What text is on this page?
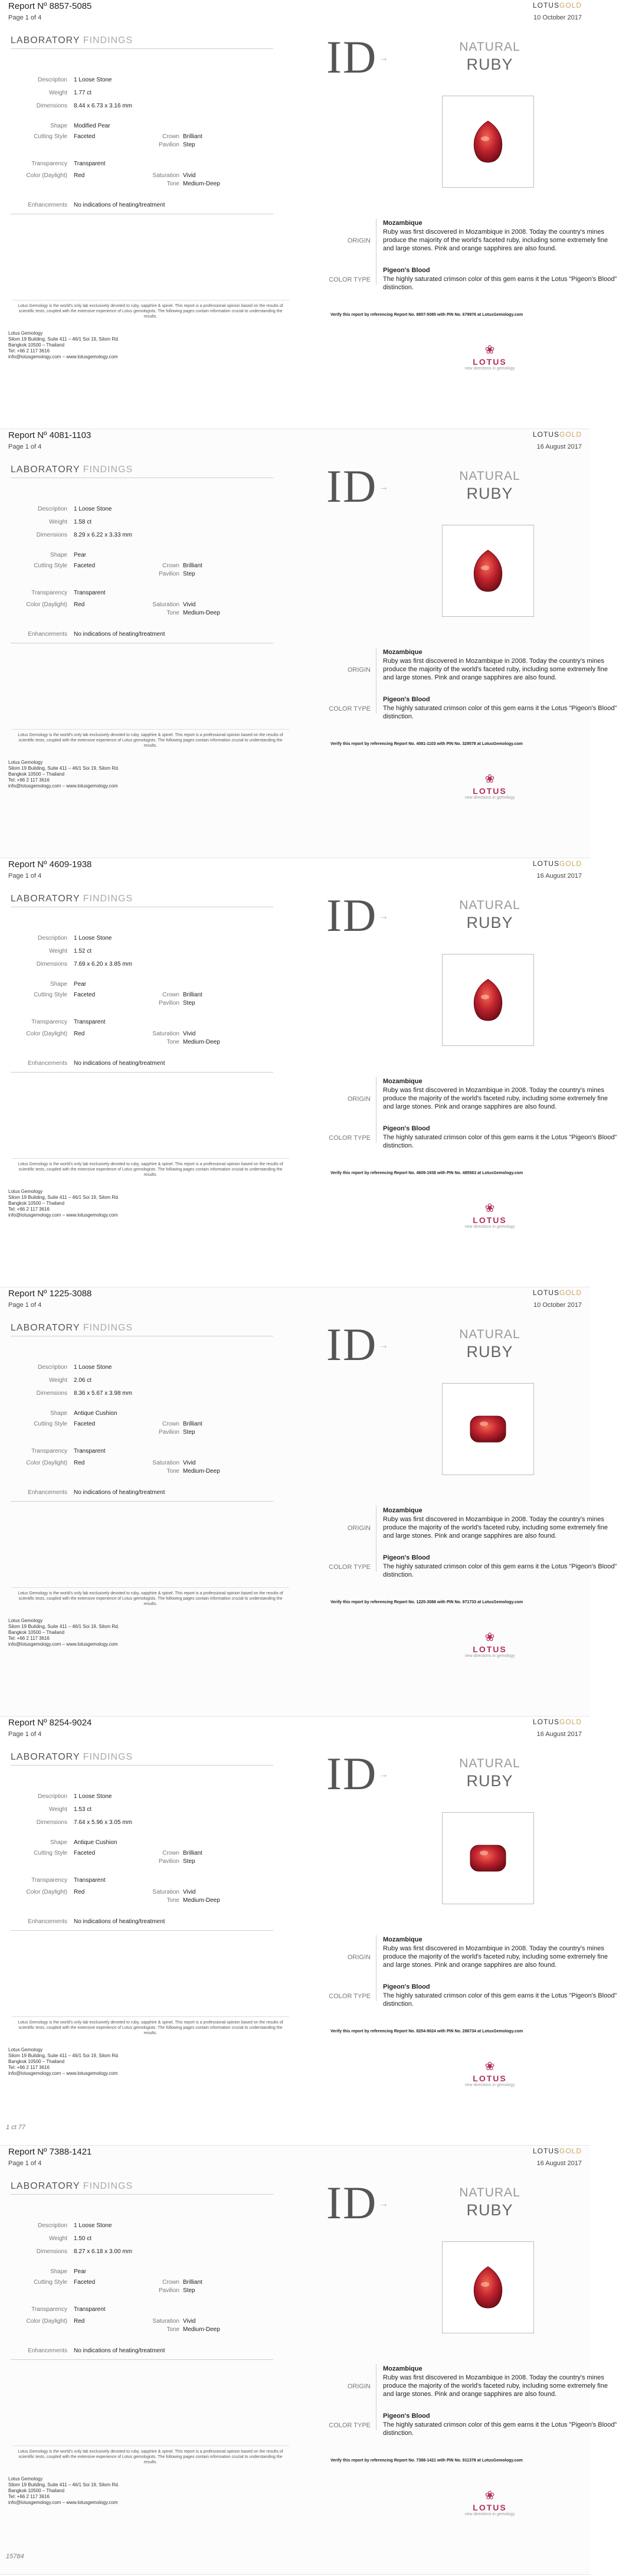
Report Nº 8857-5085	LOTUSGOLD
Page 1 of 4	10 October 2017
LABORATORY FINDINGS
Description 1 Loose Stone
Weight 1.77 ct
Dimensions 8.44 x 6.73 x 3.16 mm
Shape Modified Pear
Cutting Style Faceted	Crown Brilliant
Pavilion Step
Transparency Transparent
Color (Daylight) Red	Saturation Vivid
Tone Medium-Deep
Enhancements No indications of heating/treatment
ID →
NATURAL
RUBY
ORIGIN
Mozambique
Ruby was first discovered in Mozambique in 2008. Today the country's mines produce the majority of the world's faceted ruby, including some extremely fine and large stones. Pink and orange sapphires are also found.
COLOR TYPE
Pigeon's Blood
The highly saturated crimson color of this gem earns it the Lotus "Pigeon's Blood" distinction.
Lotus Gemology is the world's only lab exclusively devoted to ruby, sapphire & spinel. This report is a professional opinion based on the results of scientific tests, coupled with the extensive experience of Lotus gemologists. The following pages contain information crucial to understanding the results.	Verify this report by referencing Report No. 8857-5085 with PIN No. 679976 at LotusGemology.com
Lotus Gemology
Silom 19 Building, Suite 411 – 46/1 Soi 19, Silom Rd.
Bangkok 10500 – Thailand
Tel: +66 2 117 3616
info@lotusgemology.com – www.lotusgemology.com
❀
LOTUS
new directions in gemology
Report Nº 4081-1103	LOTUSGOLD
Page 1 of 4	16 August 2017
LABORATORY FINDINGS
Description 1 Loose Stone
Weight 1.58 ct
Dimensions 8.29 x 6.22 x 3.33 mm
Shape Pear
Cutting Style Faceted	Crown Brilliant
Pavilion Step
Transparency Transparent
Color (Daylight) Red	Saturation Vivid
Tone Medium-Deep
Enhancements No indications of heating/treatment
ID →
NATURAL
RUBY
ORIGIN
Mozambique
Ruby was first discovered in Mozambique in 2008. Today the country's mines produce the majority of the world's faceted ruby, including some extremely fine and large stones. Pink and orange sapphires are also found.
COLOR TYPE
Pigeon's Blood
The highly saturated crimson color of this gem earns it the Lotus "Pigeon's Blood" distinction.
Lotus Gemology is the world's only lab exclusively devoted to ruby, sapphire & spinel. This report is a professional opinion based on the results of scientific tests, coupled with the extensive experience of Lotus gemologists. The following pages contain information crucial to understanding the results.	Verify this report by referencing Report No. 4081-1103 with PIN No. 329578 at LotusGemology.com
Lotus Gemology
Silom 19 Building, Suite 411 – 46/1 Soi 19, Silom Rd.
Bangkok 10500 – Thailand
Tel: +66 2 117 3616
info@lotusgemology.com – www.lotusgemology.com
❀
LOTUS
new directions in gemology
Report Nº 4609-1938	LOTUSGOLD
Page 1 of 4	16 August 2017
LABORATORY FINDINGS
Description 1 Loose Stone
Weight 1.52 ct
Dimensions 7.69 x 6.20 x 3.85 mm
Shape Pear
Cutting Style Faceted	Crown Brilliant
Pavilion Step
Transparency Transparent
Color (Daylight) Red	Saturation Vivid
Tone Medium-Deep
Enhancements No indications of heating/treatment
ID →
NATURAL
RUBY
ORIGIN
Mozambique
Ruby was first discovered in Mozambique in 2008. Today the country's mines produce the majority of the world's faceted ruby, including some extremely fine and large stones. Pink and orange sapphires are also found.
COLOR TYPE
Pigeon's Blood
The highly saturated crimson color of this gem earns it the Lotus "Pigeon's Blood" distinction.
Lotus Gemology is the world's only lab exclusively devoted to ruby, sapphire & spinel. This report is a professional opinion based on the results of scientific tests, coupled with the extensive experience of Lotus gemologists. The following pages contain information crucial to understanding the results.	Verify this report by referencing Report No. 4609-1938 with PIN No. 485563 at LotusGemology.com
Lotus Gemology
Silom 19 Building, Suite 411 – 46/1 Soi 19, Silom Rd.
Bangkok 10500 – Thailand
Tel: +66 2 117 3616
info@lotusgemology.com – www.lotusgemology.com
❀
LOTUS
new directions in gemology
Report Nº 1225-3088	LOTUSGOLD
Page 1 of 4	10 October 2017
LABORATORY FINDINGS
Description 1 Loose Stone
Weight 2.06 ct
Dimensions 8.36 x 5.67 x 3.98 mm
Shape Antique Cushion
Cutting Style Faceted	Crown Brilliant
Pavilion Step
Transparency Transparent
Color (Daylight) Red	Saturation Vivid
Tone Medium-Deep
Enhancements No indications of heating/treatment
ID →
NATURAL
RUBY
ORIGIN
Mozambique
Ruby was first discovered in Mozambique in 2008. Today the country's mines produce the majority of the world's faceted ruby, including some extremely fine and large stones. Pink and orange sapphires are also found.
COLOR TYPE
Pigeon's Blood
The highly saturated crimson color of this gem earns it the Lotus "Pigeon's Blood" distinction.
Lotus Gemology is the world's only lab exclusively devoted to ruby, sapphire & spinel. This report is a professional opinion based on the results of scientific tests, coupled with the extensive experience of Lotus gemologists. The following pages contain information crucial to understanding the results.	Verify this report by referencing Report No. 1225-3088 with PIN No. 971733 at LotusGemology.com
Lotus Gemology
Silom 19 Building, Suite 411 – 46/1 Soi 19, Silom Rd.
Bangkok 10500 – Thailand
Tel: +66 2 117 3616
info@lotusgemology.com – www.lotusgemology.com
❀
LOTUS
new directions in gemology
Report Nº 8254-9024	LOTUSGOLD
Page 1 of 4	16 August 2017
LABORATORY FINDINGS
Description 1 Loose Stone
Weight 1.53 ct
Dimensions 7.64 x 5.96 x 3.05 mm
Shape Antique Cushion
Cutting Style Faceted	Crown Brilliant
Pavilion Step
Transparency Transparent
Color (Daylight) Red	Saturation Vivid
Tone Medium-Deep
Enhancements No indications of heating/treatment
ID →
NATURAL
RUBY
ORIGIN
Mozambique
Ruby was first discovered in Mozambique in 2008. Today the country's mines produce the majority of the world's faceted ruby, including some extremely fine and large stones. Pink and orange sapphires are also found.
COLOR TYPE
Pigeon's Blood
The highly saturated crimson color of this gem earns it the Lotus "Pigeon's Blood" distinction.
Lotus Gemology is the world's only lab exclusively devoted to ruby, sapphire & spinel. This report is a professional opinion based on the results of scientific tests, coupled with the extensive experience of Lotus gemologists. The following pages contain information crucial to understanding the results.	Verify this report by referencing Report No. 8254-9024 with PIN No. 286734 at LotusGemology.com
Lotus Gemology
Silom 19 Building, Suite 411 – 46/1 Soi 19, Silom Rd.
Bangkok 10500 – Thailand
Tel: +66 2 117 3616
info@lotusgemology.com – www.lotusgemology.com
❀
LOTUS
new directions in gemology
1 ct 77
Report Nº 7388-1421	LOTUSGOLD
Page 1 of 4	16 August 2017
LABORATORY FINDINGS
Description 1 Loose Stone
Weight 1.50 ct
Dimensions 8.27 x 6.18 x 3.00 mm
Shape Pear
Cutting Style Faceted	Crown Brilliant
Pavilion Step
Transparency Transparent
Color (Daylight) Red	Saturation Vivid
Tone Medium-Deep
Enhancements No indications of heating/treatment
ID →
NATURAL
RUBY
ORIGIN
Mozambique
Ruby was first discovered in Mozambique in 2008. Today the country's mines produce the majority of the world's faceted ruby, including some extremely fine and large stones. Pink and orange sapphires are also found.
COLOR TYPE
Pigeon's Blood
The highly saturated crimson color of this gem earns it the Lotus "Pigeon's Blood" distinction.
Lotus Gemology is the world's only lab exclusively devoted to ruby, sapphire & spinel. This report is a professional opinion based on the results of scientific tests, coupled with the extensive experience of Lotus gemologists. The following pages contain information crucial to understanding the results.	Verify this report by referencing Report No. 7388-1421 with PIN No. 911378 at LotusGemology.com
Lotus Gemology
Silom 19 Building, Suite 411 – 46/1 Soi 19, Silom Rd.
Bangkok 10500 – Thailand
Tel: +66 2 117 3616
info@lotusgemology.com – www.lotusgemology.com
❀
LOTUS
new directions in gemology
15784
